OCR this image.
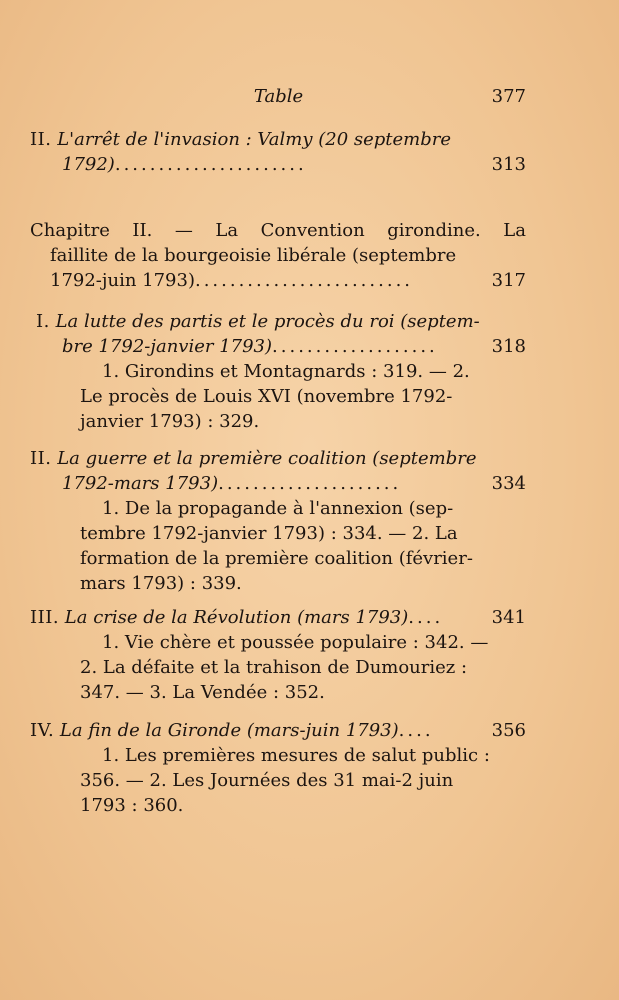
Table	377
II. L'arrêt de l'invasion : Valmy (20 septembre
1792)......................	313
Chapitre II. — La Convention girondine. La
faillite de la bourgeoisie libérale (septembre
1792-juin 1793).........................	317
I. La lutte des partis et le procès du roi (septem-
bre 1792-janvier 1793)...................	318
1. Girondins et Montagnards : 319. — 2.
Le procès de Louis XVI (novembre 1792-
janvier 1793) : 329.
II. La guerre et la première coalition (septembre
1792-mars 1793).....................	334
1. De la propagande à l'annexion (sep-
tembre 1792-janvier 1793) : 334. — 2. La
formation de la première coalition (février-
mars 1793) : 339.
III. La crise de la Révolution (mars 1793)....	341
1. Vie chère et poussée populaire : 342. —
2. La défaite et la trahison de Dumouriez :
347. — 3. La Vendée : 352.
IV. La fin de la Gironde (mars-juin 1793)....	356
1. Les premières mesures de salut public :
356. — 2. Les Journées des 31 mai-2 juin
1793 : 360.
